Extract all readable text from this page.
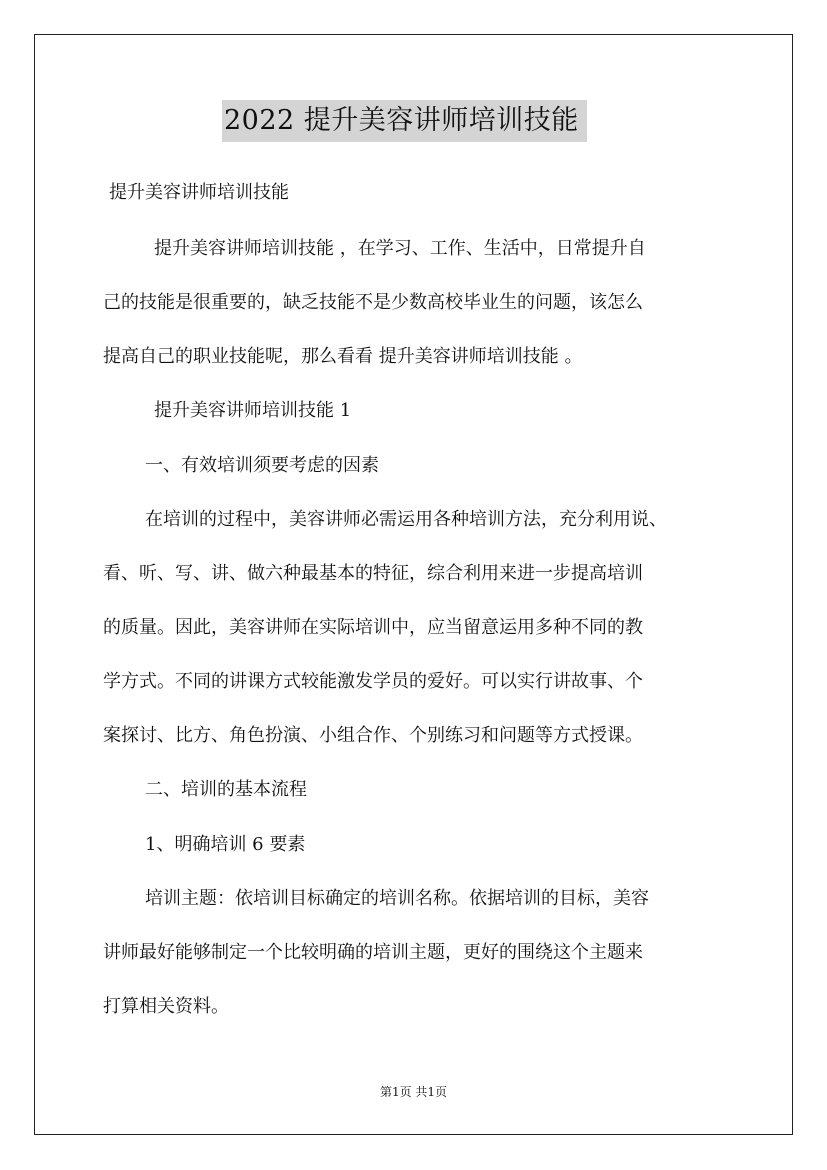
2022 提升美容讲师培训技能
提升美容讲师培训技能
提升美容讲师培训技能 ，在学习、工作、生活中，日常提升自
己的技能是很重要的，缺乏技能不是少数高校毕业生的问题，该怎么
提高自己的职业技能呢，那么看看 提升美容讲师培训技能 。
提升美容讲师培训技能 1
一、有效培训须要考虑的因素
在培训的过程中，美容讲师必需运用各种培训方法，充分利用说、
看、听、写、讲、做六种最基本的特征，综合利用来进一步提高培训
的质量。因此，美容讲师在实际培训中，应当留意运用多种不同的教
学方式。不同的讲课方式较能激发学员的爱好。可以实行讲故事、个
案探讨、比方、角色扮演、小组合作、个别练习和问题等方式授课。
二、培训的基本流程
1、明确培训 6 要素
培训主题：依培训目标确定的培训名称。依据培训的目标，美容
讲师最好能够制定一个比较明确的培训主题，更好的围绕这个主题来
打算相关资料。
第1页 共1页
